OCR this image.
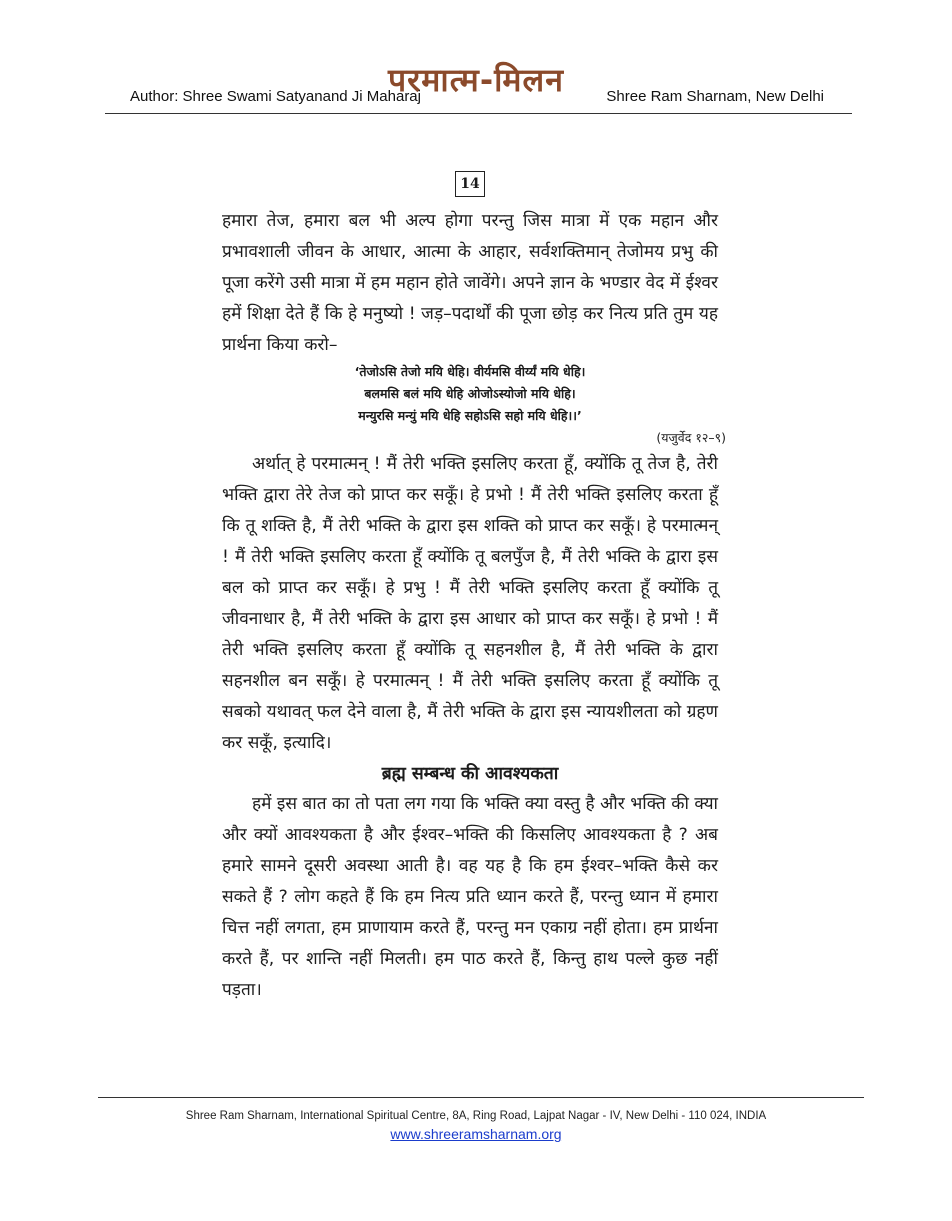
परमात्म-मिलन
Author: Shree Swami Satyanand Ji Maharaj	Shree Ram Sharnam, New Delhi
14

हमारा तेज, हमारा बल भी अल्प होगा परन्तु जिस मात्रा में एक महान और प्रभावशाली जीवन के आधार, आत्मा के आहार, सर्वशक्तिमान् तेजोमय प्रभु की पूजा करेंगे उसी मात्रा में हम महान होते जावेंगे। अपने ज्ञान के भण्डार वेद में ईश्वर हमें शिक्षा देते हैं कि हे मनुष्यो ! जड़–पदार्थों की पूजा छोड़ कर नित्य प्रति तुम यह प्रार्थना किया करो–

‘तेजोऽसि तेजो मयि धेहि। वीर्यमसि वीर्य्यं मयि धेहि।

बलमसि बलं मयि धेहि ओजोऽस्योजो मयि धेहि।

मन्युरसि मन्युं मयि धेहि सहोऽसि सहो मयि धेहि।।’

(यजुर्वेद १२–९)

अर्थात् हे परमात्मन् ! मैं तेरी भक्ति इसलिए करता हूँ, क्योंकि तू तेज है, तेरी भक्ति द्वारा तेरे तेज को प्राप्त कर सकूँ। हे प्रभो ! मैं तेरी भक्ति इसलिए करता हूँ कि तू शक्ति है, मैं तेरी भक्ति के द्वारा इस शक्ति को प्राप्त कर सकूँ। हे परमात्मन् ! मैं तेरी भक्ति इसलिए करता हूँ क्योंकि तू बलपुँज है, मैं तेरी भक्ति के द्वारा इस बल को प्राप्त कर सकूँ। हे प्रभु ! मैं तेरी भक्ति इसलिए करता हूँ क्योंकि तू जीवनाधार है, मैं तेरी भक्ति के द्वारा इस आधार को प्राप्त कर सकूँ। हे प्रभो ! मैं तेरी भक्ति इसलिए करता हूँ क्योंकि तू सहनशील है, मैं तेरी भक्ति के द्वारा सहनशील बन सकूँ। हे परमात्मन् ! मैं तेरी भक्ति इसलिए करता हूँ क्योंकि तू सबको यथावत् फल देने वाला है, मैं तेरी भक्ति के द्वारा इस न्यायशीलता को ग्रहण कर सकूँ, इत्यादि।

ब्रह्म सम्बन्ध की आवश्यकता

हमें इस बात का तो पता लग गया कि भक्ति क्या वस्तु है और भक्ति की क्या और क्यों आवश्यकता है और ईश्वर–भक्ति की किसलिए आवश्यकता है ? अब हमारे सामने दूसरी अवस्था आती है। वह यह है कि हम ईश्वर–भक्ति कैसे कर सकते हैं ? लोग कहते हैं कि हम नित्य प्रति ध्यान करते हैं, परन्तु ध्यान में हमारा चित्त नहीं लगता, हम प्राणायाम करते हैं, परन्तु मन एकाग्र नहीं होता। हम प्रार्थना करते हैं, पर शान्ति नहीं मिलती। हम पाठ करते हैं, किन्तु हाथ पल्ले कुछ नहीं पड़ता।

Shree Ram Sharnam, International Spiritual Centre, 8A, Ring Road, Lajpat Nagar - IV, New Delhi - 110 024, INDIA
www.shreeramsharnam.org
